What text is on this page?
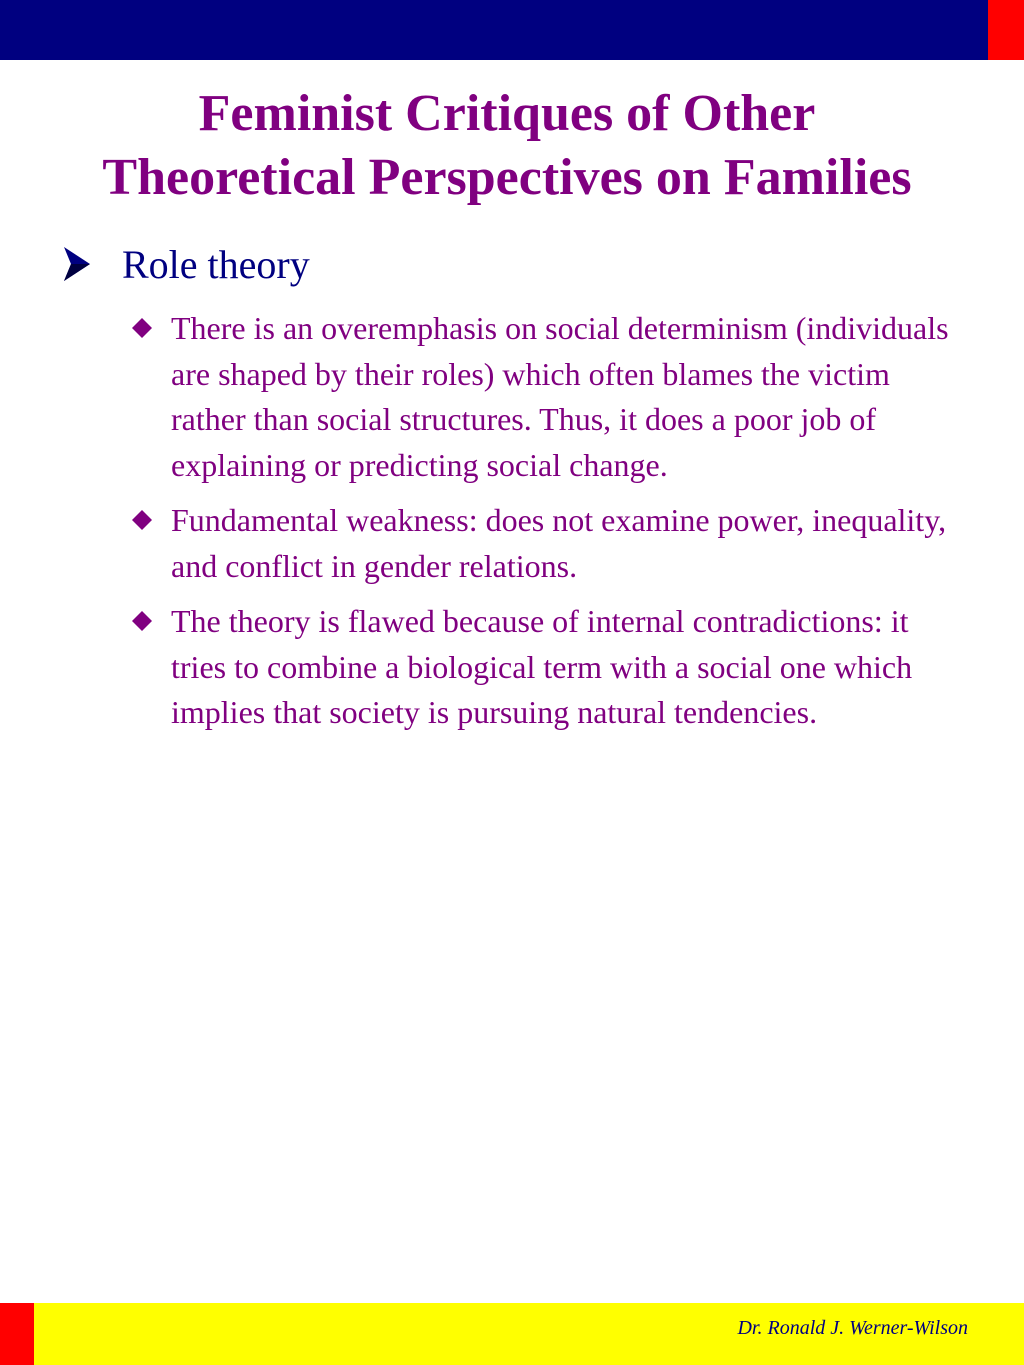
Feminist Critiques of Other
Theoretical Perspectives on Families
Role theory
There is an overemphasis on social determinism (individuals are shaped by their roles) which often blames the victim rather than social structures. Thus, it does a poor job of explaining or predicting social change.
Fundamental weakness: does not examine power, inequality, and conflict in gender relations.
The theory is flawed because of internal contradictions: it tries to combine a biological term with a social one which implies that society is pursuing natural tendencies.
Dr. Ronald J. Werner-Wilson
